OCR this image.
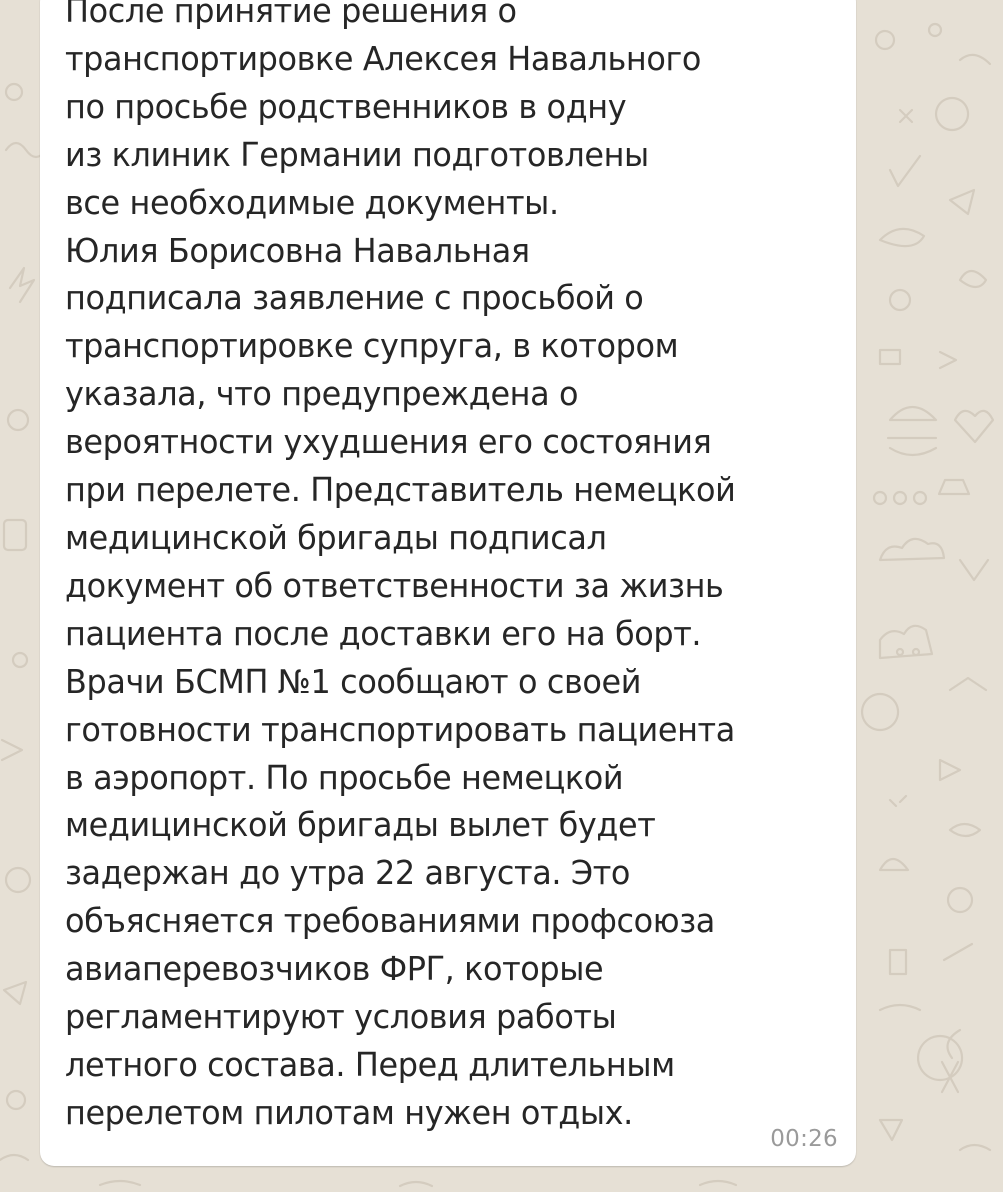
После принятие решения о
транспортировке Алексея Навального
по просьбе родственников в одну
из клиник Германии подготовлены
все необходимые документы.
Юлия Борисовна Навальная
подписала заявление с просьбой о
транспортировке супруга, в котором
указала, что предупреждена о
вероятности ухудшения его состояния
при перелете. Представитель немецкой
медицинской бригады подписал
документ об ответственности за жизнь
пациента после доставки его на борт.
Врачи БСМП №1 сообщают о своей
готовности транспортировать пациента
в аэропорт. По просьбе немецкой
медицинской бригады вылет будет
задержан до утра 22 августа. Это
объясняется требованиями профсоюза
авиаперевозчиков ФРГ, которые
регламентируют условия работы
летного состава. Перед длительным
перелетом пилотам нужен отдых.
00:26
